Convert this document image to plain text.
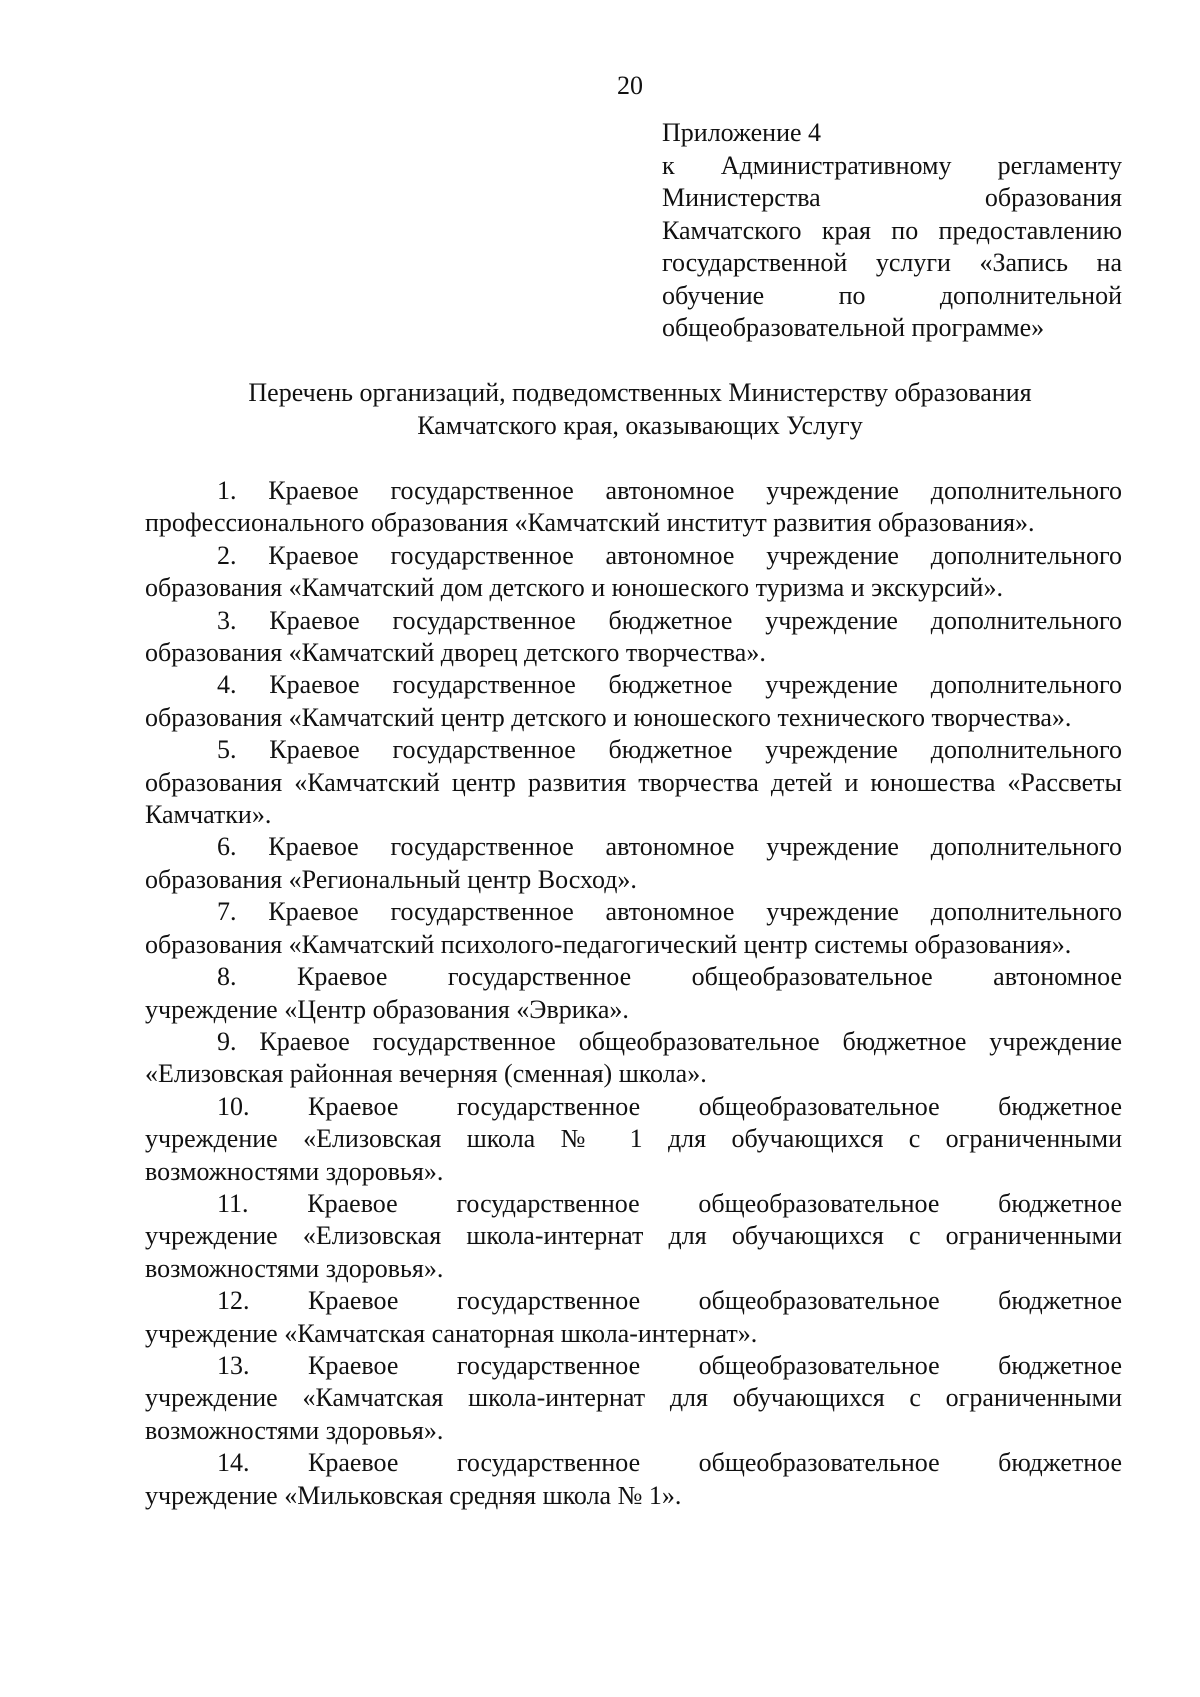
20
Приложение 4
к Административному регламенту
Министерства образования
Камчатского края по предоставлению
государственной услуги «Запись на
обучение по дополнительной
общеобразовательной программе»
Перечень организаций, подведомственных Министерству образования
Камчатского края, оказывающих Услугу
1. Краевое государственное автономное учреждение дополнительного
профессионального образования «Камчатский институт развития образования».
2. Краевое государственное автономное учреждение дополнительного
образования «Камчатский дом детского и юношеского туризма и экскурсий».
3. Краевое государственное бюджетное учреждение дополнительного
образования «Камчатский дворец детского творчества».
4. Краевое государственное бюджетное учреждение дополнительного
образования «Камчатский центр детского и юношеского технического творчества».
5. Краевое государственное бюджетное учреждение дополнительного
образования «Камчатский центр развития творчества детей и юношества «Рассветы Камчатки».
6. Краевое государственное автономное учреждение дополнительного
образования «Региональный центр Восход».
7. Краевое государственное автономное учреждение дополнительного
образования «Камчатский психолого-педагогический центр системы образования».
8. Краевое государственное общеобразовательное автономное
учреждение «Центр образования «Эврика».
9. Краевое государственное общеобразовательное бюджетное учреждение
«Елизовская районная вечерняя (сменная) школа».
10. Краевое государственное общеобразовательное бюджетное
учреждение «Елизовская школа № 1 для обучающихся с ограниченными возможностями здоровья».
11. Краевое государственное общеобразовательное бюджетное
учреждение «Елизовская школа-интернат для обучающихся с ограниченными возможностями здоровья».
12. Краевое государственное общеобразовательное бюджетное
учреждение «Камчатская санаторная школа-интернат».
13. Краевое государственное общеобразовательное бюджетное
учреждение «Камчатская школа-интернат для обучающихся с ограниченными возможностями здоровья».
14. Краевое государственное общеобразовательное бюджетное
учреждение «Мильковская средняя школа № 1».
